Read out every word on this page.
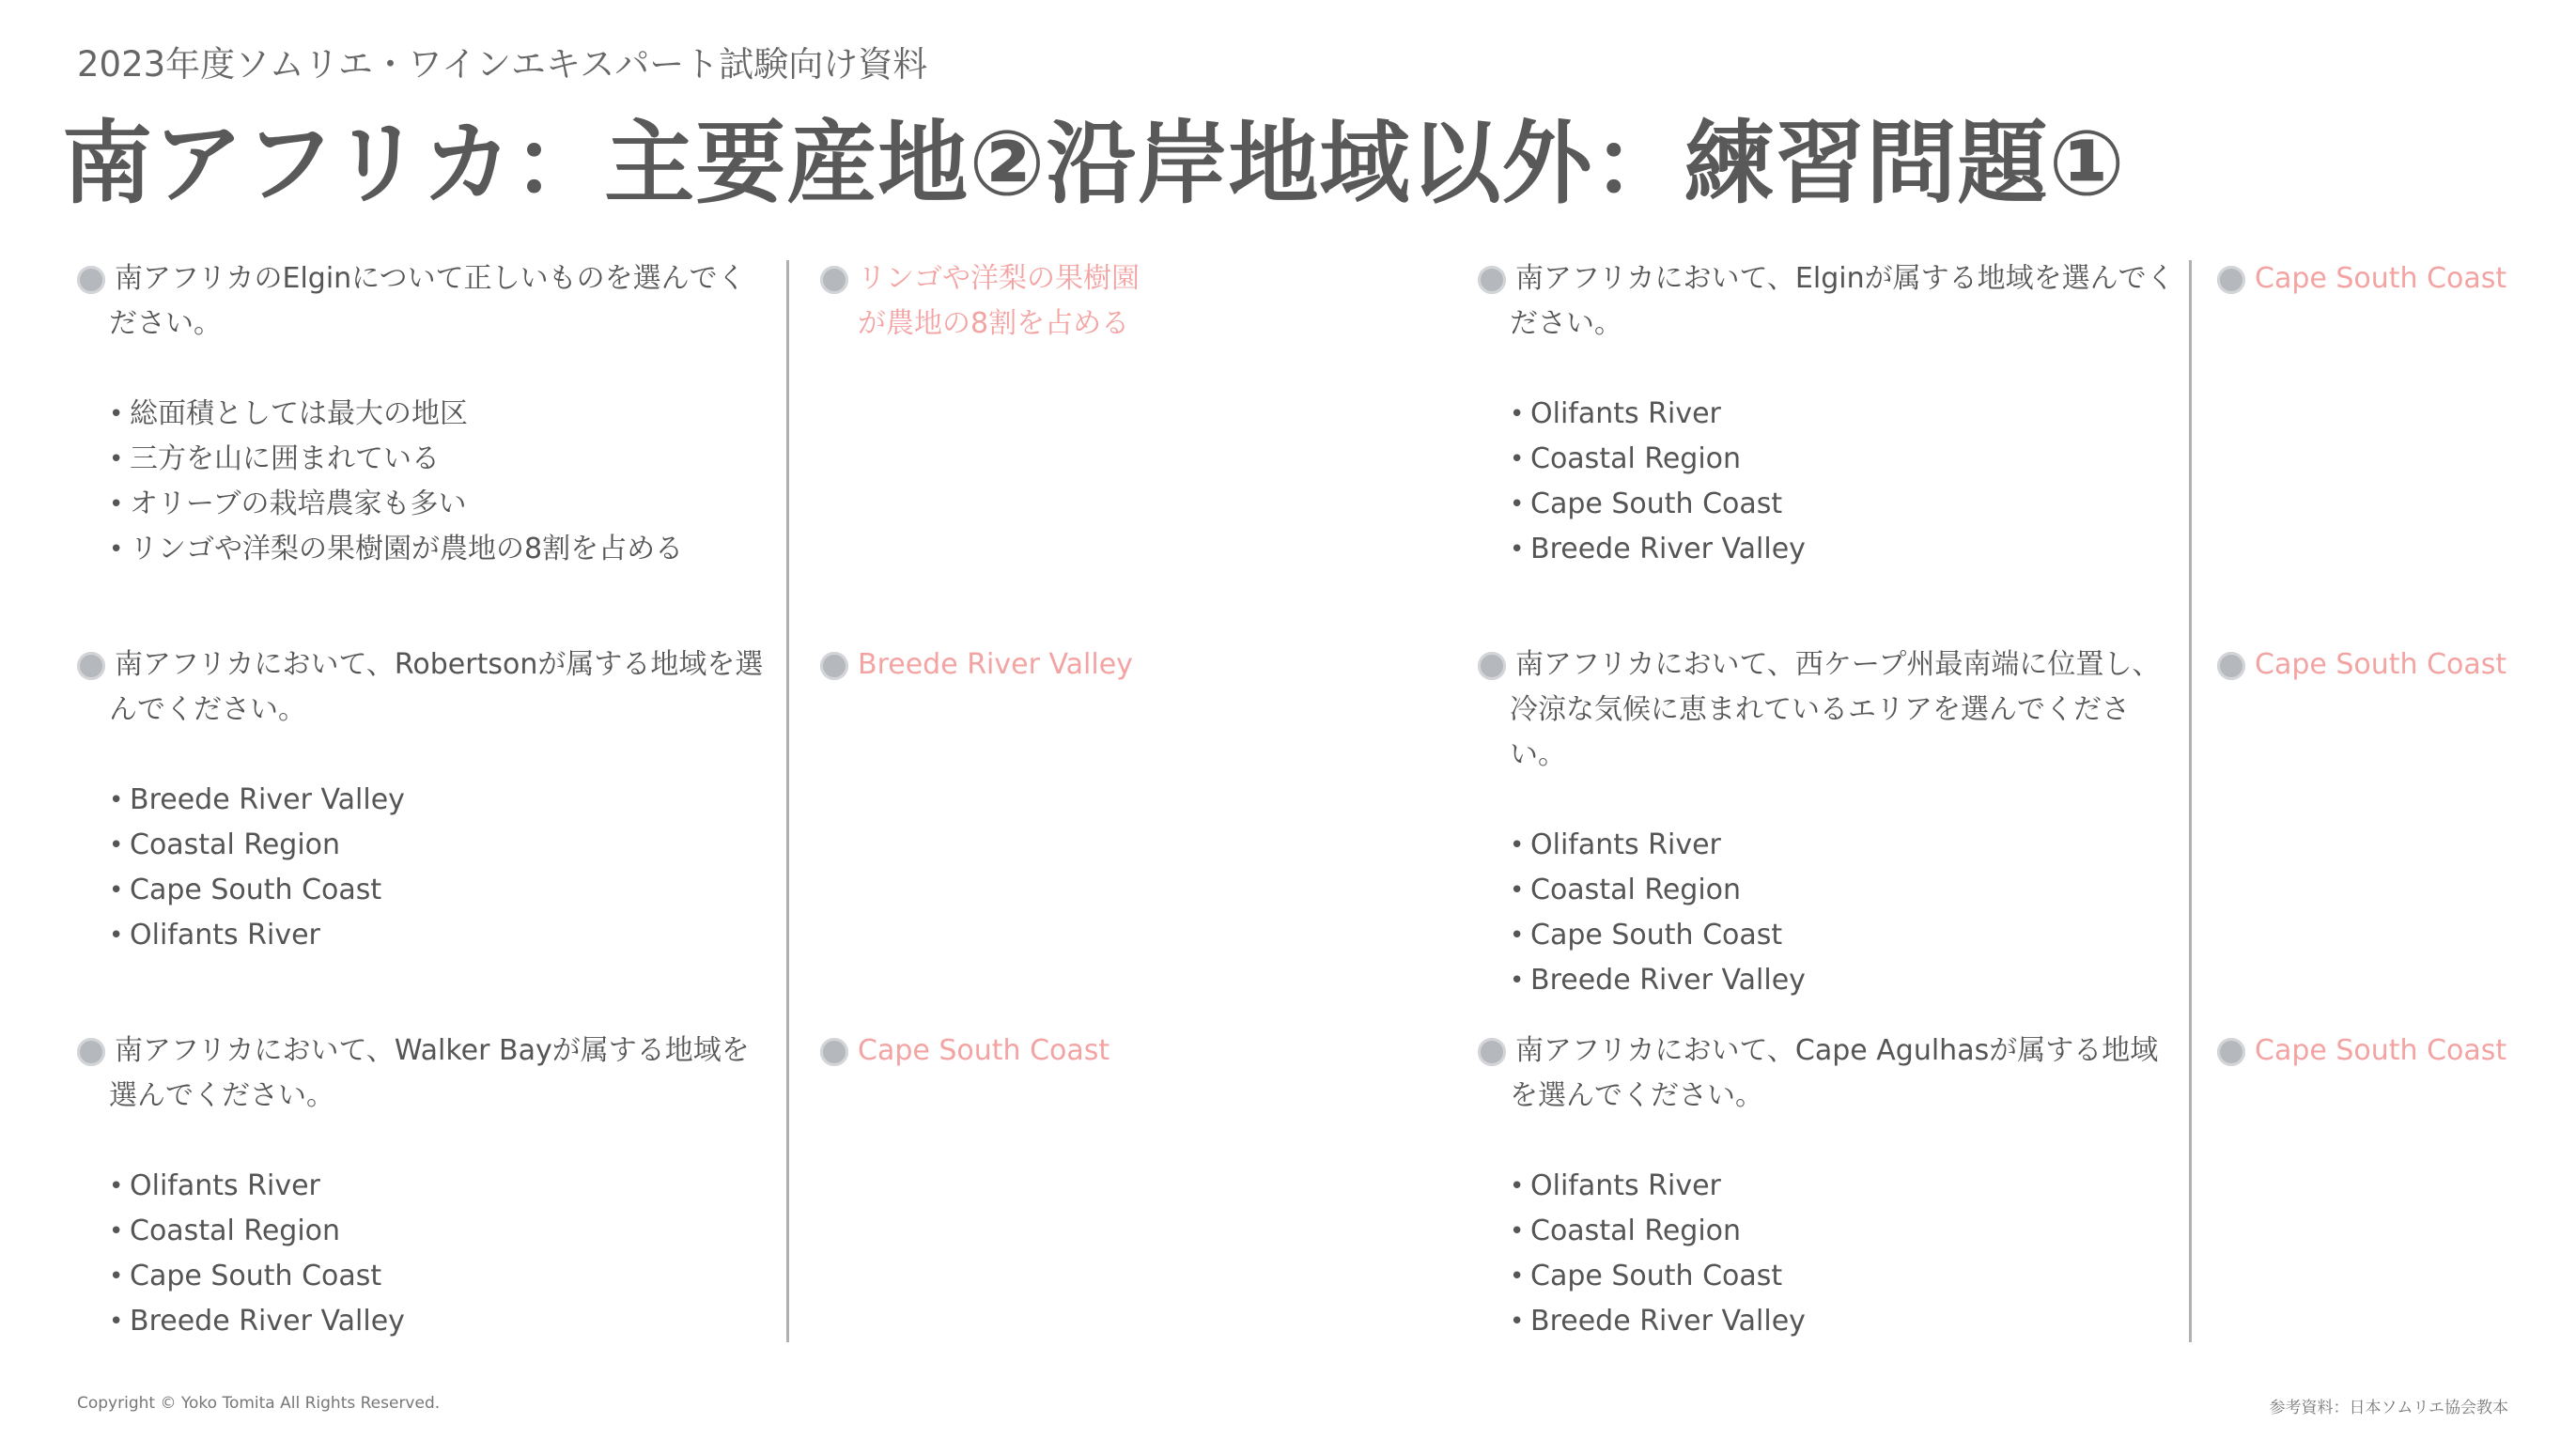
2023年度ソムリエ・ワインエキスパート試験向け資料
南アフリカ：主要産地②沿岸地域以外：練習問題①
南アフリカのElginについて正しいものを選んでください。
• 総面積としては最大の地区
• 三方を山に囲まれている
• オリーブの栽培農家も多い
• リンゴや洋梨の果樹園が農地の8割を占める
リンゴや洋梨の果樹園が農地の8割を占める
南アフリカにおいて、Elginが属する地域を選んでください。
• Olifants River
• Coastal Region
• Cape South Coast
• Breede River Valley
Cape South Coast
南アフリカにおいて、Robertsonが属する地域を選んでください。
• Breede River Valley
• Coastal Region
• Cape South Coast
• Olifants River
Breede River Valley	南アフリカにおいて、西ケープ州最南端に位置し、冷涼な気候に恵まれているエリアを選んでください。
• Olifants River
• Coastal Region
• Cape South Coast
• Breede River Valley
Cape South Coast
南アフリカにおいて、Walker Bayが属する地域を選んでください。
• Olifants River
• Coastal Region
• Cape South Coast
• Breede River Valley
Cape South Coast	南アフリカにおいて、Cape Agulhasが属する地域を選んでください。
• Olifants River
• Coastal Region
• Cape South Coast
• Breede River Valley
Cape South Coast
Copyright © Yoko Tomita All Rights Reserved.	参考資料：日本ソムリエ協会教本
